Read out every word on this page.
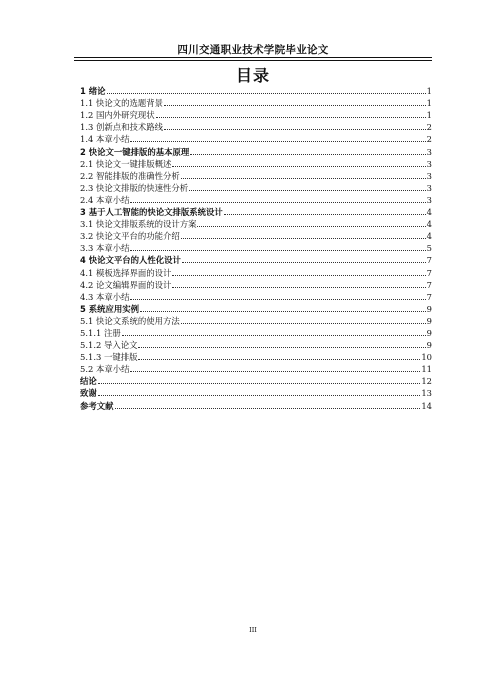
四川交通职业技术学院毕业论文
目录
1 绪论	1
1.1 快论文的选题背景	1
1.2 国内外研究现状	1
1.3 创新点和技术路线	2
1.4 本章小结	2
2 快论文一键排版的基本原理	3
2.1 快论文一键排版概述	3
2.2 智能排版的准确性分析	3
2.3 快论文排版的快速性分析	3
2.4 本章小结	3
3 基于人工智能的快论文排版系统设计	4
3.1 快论文排版系统的设计方案	4
3.2 快论文平台的功能介绍	4
3.3 本章小结	5
4 快论文平台的人性化设计	7
4.1 模板选择界面的设计	7
4.2 论文编辑界面的设计	7
4.3 本章小结	7
5 系统应用实例	9
5.1 快论文系统的使用方法	9
5.1.1 注册	9
5.1.2 导入论文	9
5.1.3 一键排版	10
5.2 本章小结	11
结论	12
致谢	13
参考文献	14
III
